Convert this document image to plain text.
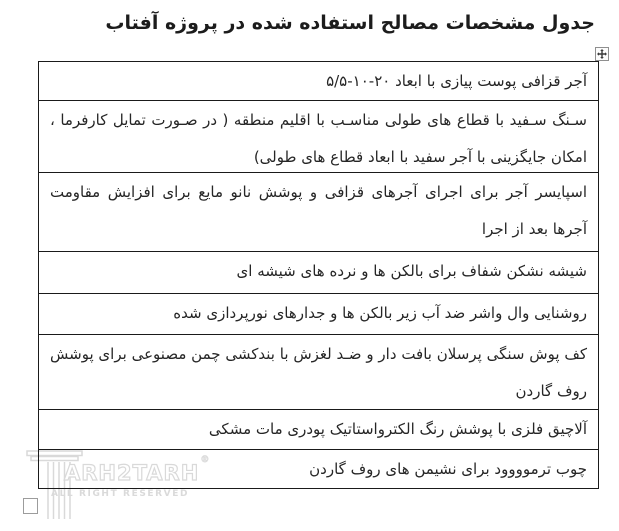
ARH2TARH®
ALL RIGHT RESERVED
جدول مشخصات مصالح استفاده شده در پروژه آفتاب
آجر قزافی پوست پیازی با ابعاد ۲۰-۱۰-۵/۵
سـنگ سـفید با قطاع های طولی مناسـب با اقلیم منطقه ( در صـورت تمایل کارفرما ، امکان جایگزینی با آجر سفید با ابعاد قطاع های طولی)
اسپایسر آجر برای اجرای آجرهای قزافی و پوشش نانو مایع برای افزایش مقاومت آجرها بعد از اجرا
شیشه نشکن شفاف برای بالکن ها و نرده های شیشه ای
روشنایی وال واشر ضد آب زیر بالکن ها و جدارهای نورپردازی شده
کف پوش سنگی پرسلان بافت دار و ضـد لغزش با بندکشی چمن مصنوعی برای پوشش روف گاردن
آلاچیق فلزی با پوشش رنگ الکترواستاتیک پودری مات مشکی
چوب ترموووود برای نشیمن های روف گاردن
